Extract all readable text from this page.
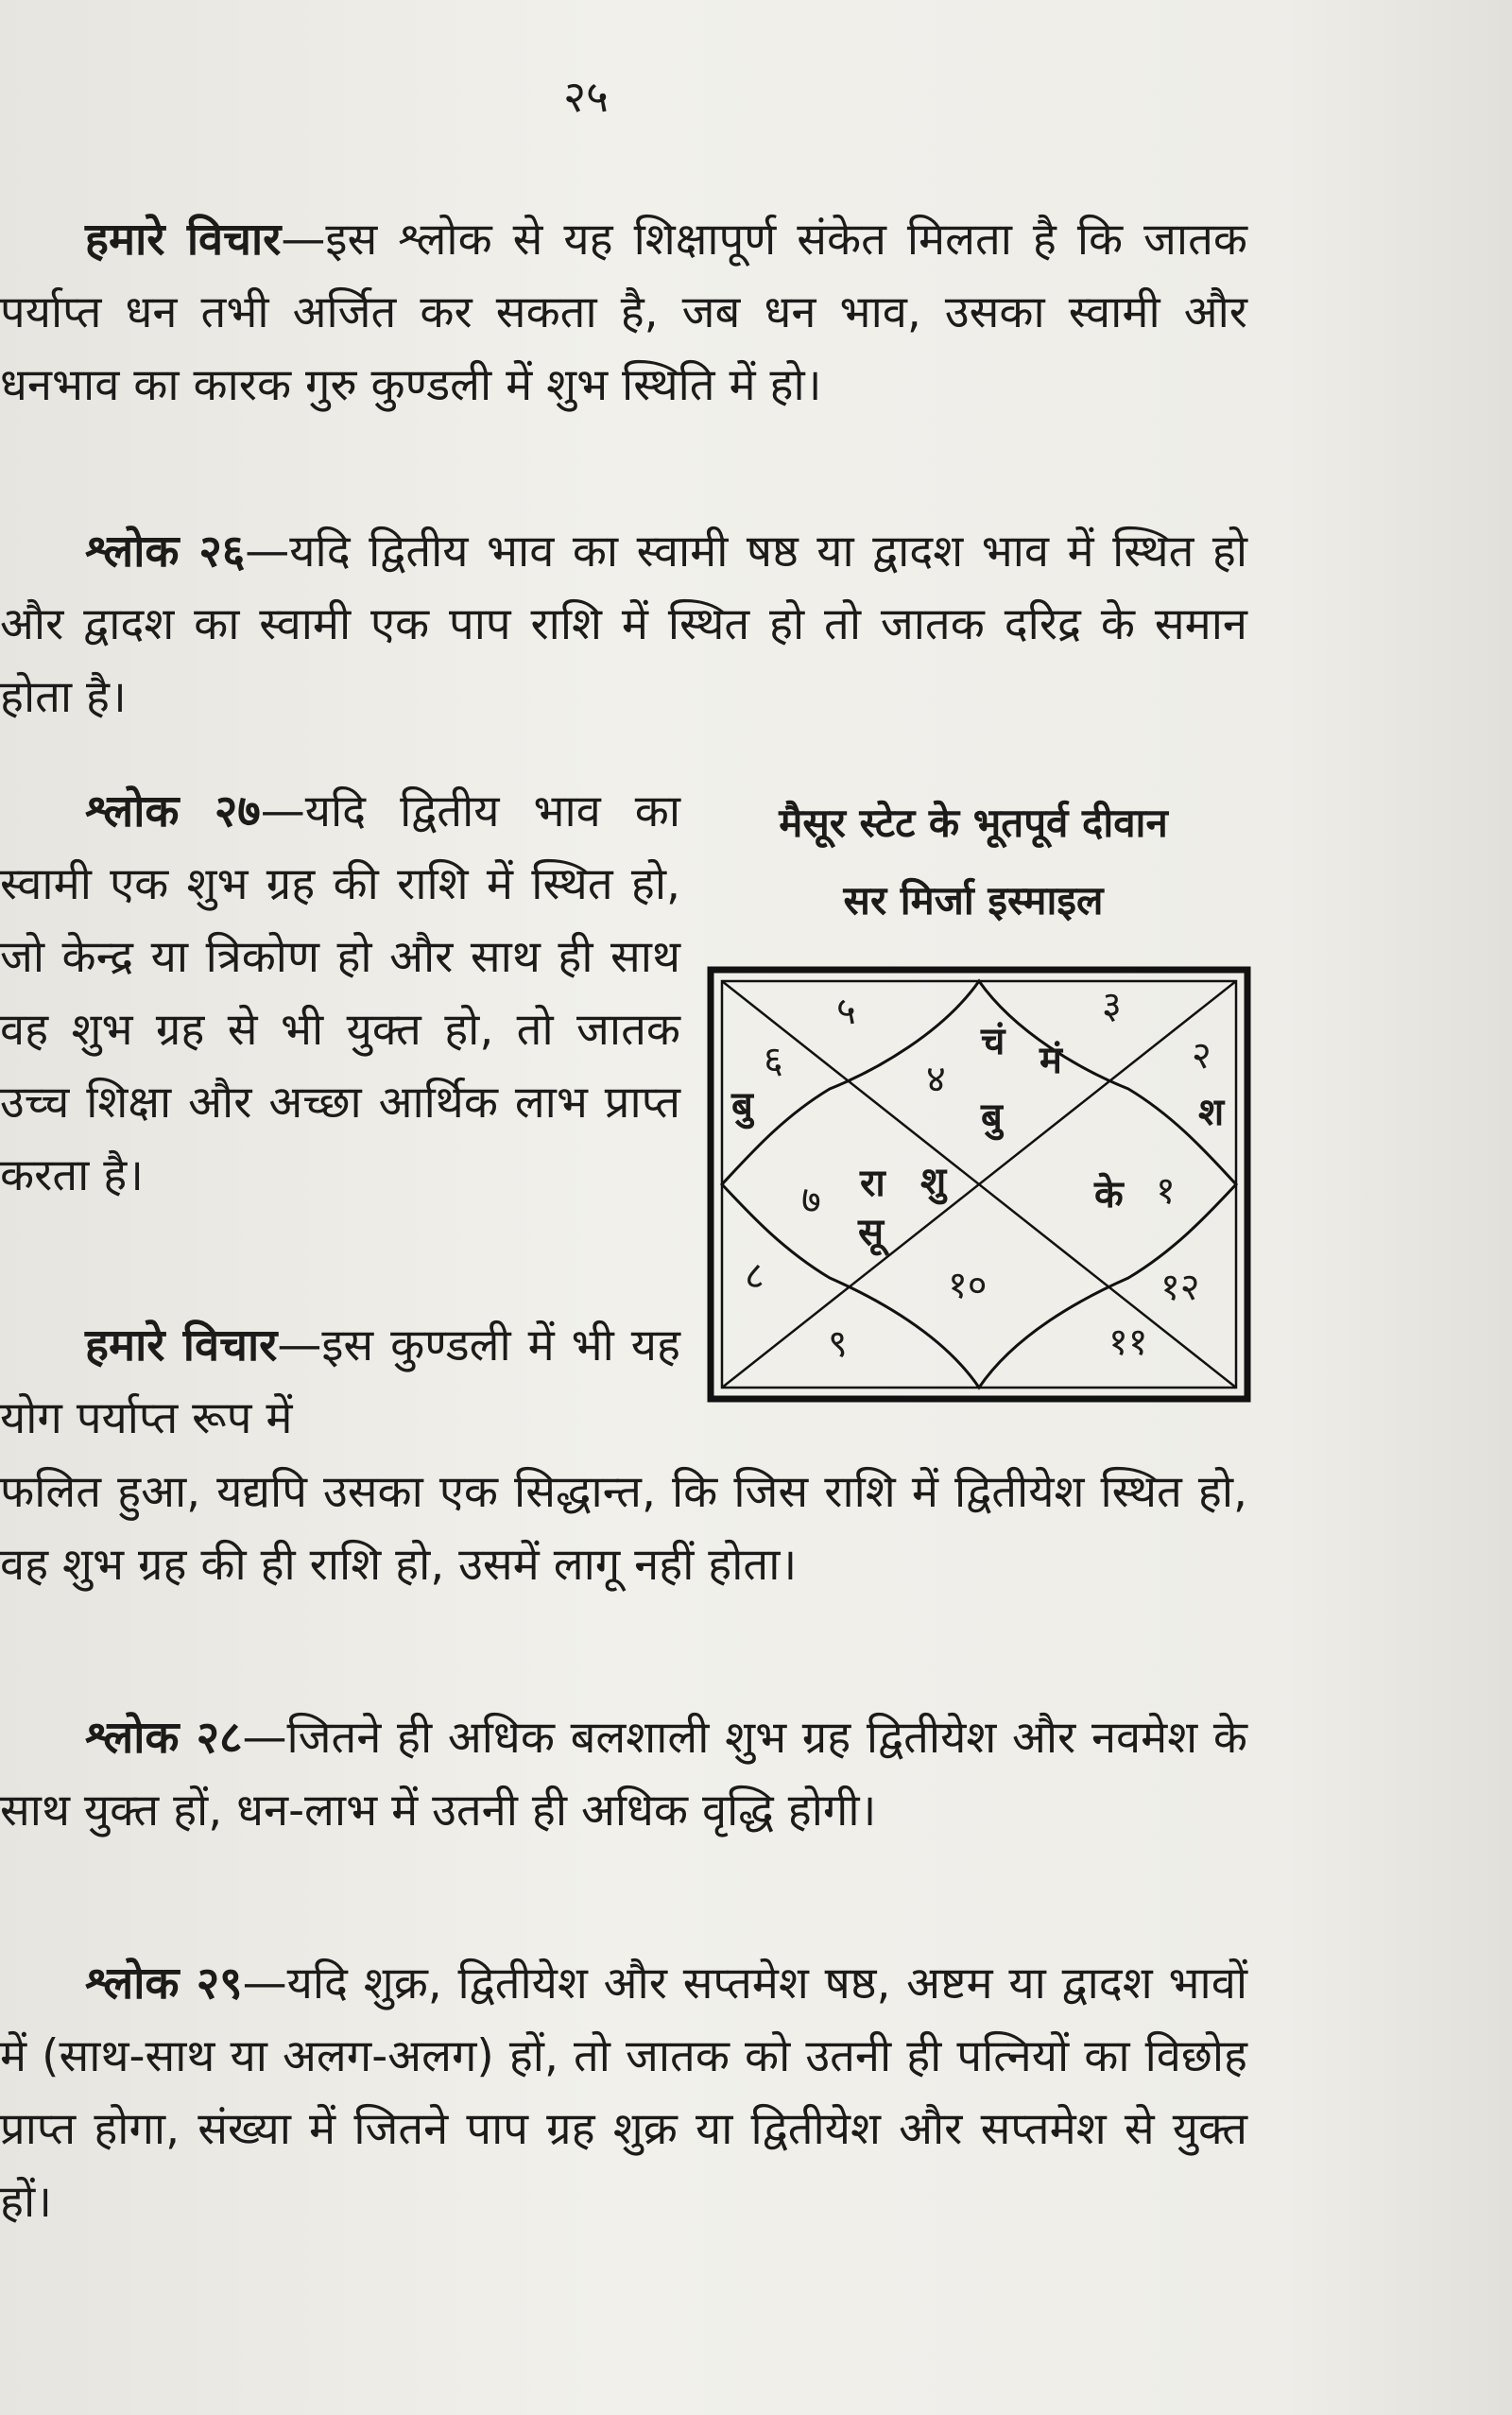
२५
हमारे विचार—इस श्लोक से यह शिक्षापूर्ण संकेत मिलता है कि जातक पर्याप्त धन तभी अर्जित कर सकता है, जब धन भाव, उसका स्वामी और धनभाव का कारक गुरु कुण्डली में शुभ स्थिति में हो।
श्लोक २६—यदि द्वितीय भाव का स्वामी षष्ठ या द्वादश भाव में स्थित हो और द्वादश का स्वामी एक पाप राशि में स्थित हो तो जातक दरिद्र के समान होता है।
श्लोक २७—यदि द्वितीय भाव का स्वामी एक शुभ ग्रह की राशि में स्थित हो, जो केन्द्र या त्रिकोण हो और साथ ही साथ वह शुभ ग्रह से भी युक्त हो, तो जातक उच्च शिक्षा और अच्छा आर्थिक लाभ प्राप्त करता है।
मैसूर स्टेट के भूतपूर्व दीवान
सर मिर्जा इस्माइल
५	३
२
६	४
७	१
८	१०	१२
९	११
चं मं
बु
बु	श
रा शु
सू
के
हमारे विचार—इस कुण्डली में भी यह योग पर्याप्त रूप में
फलित हुआ, यद्यपि उसका एक सिद्धान्त, कि जिस राशि में द्वितीयेश स्थित हो, वह शुभ ग्रह की ही राशि हो, उसमें लागू नहीं होता।
श्लोक २८—जितने ही अधिक बलशाली शुभ ग्रह द्वितीयेश और नवमेश के साथ युक्त हों, धन-लाभ में उतनी ही अधिक वृद्धि होगी।
श्लोक २९—यदि शुक्र, द्वितीयेश और सप्तमेश षष्ठ, अष्टम या द्वादश भावों में (साथ-साथ या अलग-अलग) हों, तो जातक को उतनी ही पत्नियों का विछोह प्राप्त होगा, संख्या में जितने पाप ग्रह शुक्र या द्वितीयेश और सप्तमेश से युक्त हों।
